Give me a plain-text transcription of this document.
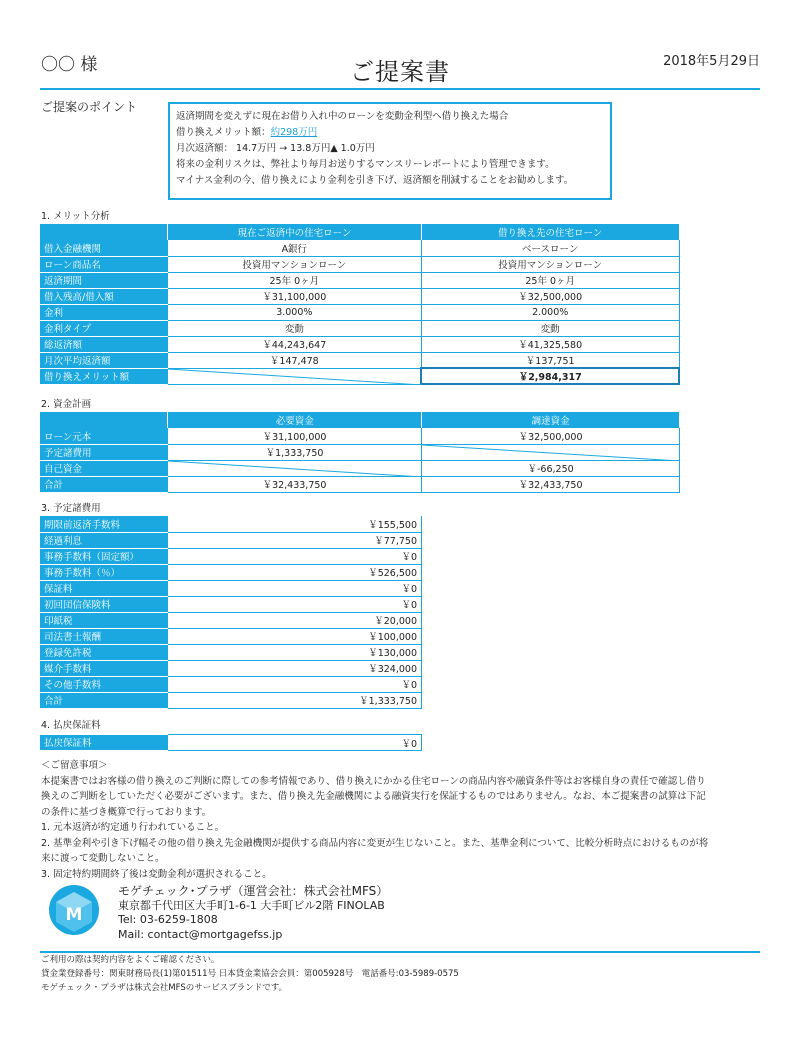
〇〇 様	ご提案書	2018年5月29日
ご提案のポイント
返済期間を変えずに現在お借り入れ中のローンを変動金利型へ借り換えた場合
借り換えメリット額：約298万円
月次返済額： 14.7万円 → 13.8万円▲ 1.0万円
将来の金利リスクは、弊社より毎月お送りするマンスリーレポートにより管理できます。
マイナス金利の今、借り換えにより金利を引き下げ、返済額を削減することをお勧めします。
1. メリット分析
	現在ご返済中の住宅ローン	借り換え先の住宅ローン
借入金融機関	A銀行	ベースローン
ローン商品名	投資用マンションローン	投資用マンションローン
返済期間	25年 0ヶ月	25年 0ヶ月
借入残高/借入額	￥31,100,000	￥32,500,000
金利	3.000%	2.000%
金利タイプ	変動	変動
総返済額	￥44,243,647	￥41,325,580
月次平均返済額	￥147,478	￥137,751
借り換えメリット額		￥2,984,317
2. 資金計画
	必要資金	調達資金
ローン元本	￥31,100,000	￥32,500,000
予定諸費用	￥1,333,750	

自己資金		￥-66,250
合計	￥32,433,750	￥32,433,750
3. 予定諸費用
期限前返済手数料	￥155,500
経過利息	￥77,750
事務手数料（固定額）	￥0
事務手数料（％）	￥526,500
保証料	￥0
初回団信保険料	￥0
印紙税	￥20,000
司法書士報酬	￥100,000
登録免許税	￥130,000
媒介手数料	￥324,000
その他手数料	￥0
合計	￥1,333,750
4. 払戻保証料
払戻保証料	￥0
＜ご留意事項＞
本提案書ではお客様の借り換えのご判断に際しての参考情報であり、借り換えにかかる住宅ローンの商品内容や融資条件等はお客様自身の責任で確認し借り
換えのご判断をしていただく必要がございます。また、借り換え先金融機関による融資実行を保証するものではありません。なお、本ご提案書の試算は下記
の条件に基づき概算で行っております。
1. 元本返済が約定通り行われていること。
2. 基準金利や引き下げ幅その他の借り換え先金融機関が提供する商品内容に変更が生じないこと。また、基準金利について、比較分析時点におけるものが将
来に渡って変動しないこと。
3. 固定特約期間終了後は変動金利が選択されること。
M
モゲチェック･プラザ（運営会社：株式会社MFS）
東京都千代田区大手町1-6-1 大手町ビル2階 FINOLAB
Tel: 03-6259-1808
Mail: contact@mortgagefss.jp
ご利用の際は契約内容をよくご確認ください。
貸金業登録番号：関東財務局長(1)第01511号 日本貸金業協会会員：第005928号　電話番号:03-5989-0575
モゲチェック・プラザは株式会社MFSのサービスブランドです。
